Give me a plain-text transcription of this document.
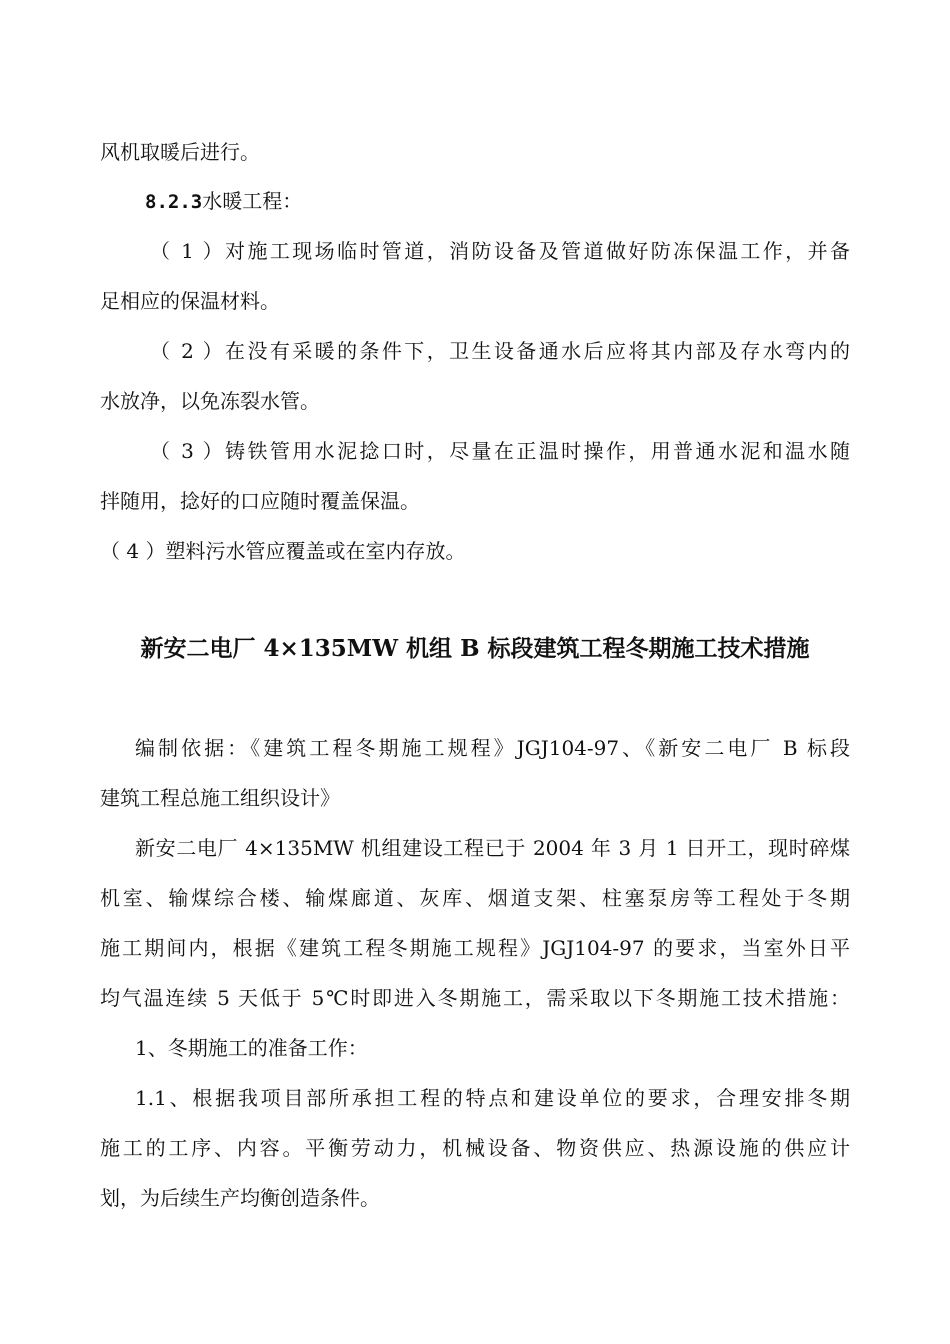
风机取暖后进行。
8.2.3水暖工程：
（ 1 ）对施工现场临时管道，消防设备及管道做好防冻保温工作，并备
足相应的保温材料。
（ 2 ）在没有采暖的条件下，卫生设备通水后应将其内部及存水弯内的
水放净，以免冻裂水管。
（ 3 ）铸铁管用水泥捻口时，尽量在正温时操作，用普通水泥和温水随
拌随用，捻好的口应随时覆盖保温。
（ 4 ）塑料污水管应覆盖或在室内存放。
新安二电厂 4×135MW 机组 B 标段建筑工程冬期施工技术措施
编制依据：《建筑工程冬期施工规程》JGJ104-97、《新安二电厂 B 标段
建筑工程总施工组织设计》
新安二电厂 4×135MW 机组建设工程已于 2004 年 3 月 1 日开工，现时碎煤
机室、输煤综合楼、输煤廊道、灰库、烟道支架、柱塞泵房等工程处于冬期
施工期间内，根据《建筑工程冬期施工规程》JGJ104-97 的要求，当室外日平
均气温连续 5 天低于 5℃时即进入冬期施工，需采取以下冬期施工技术措施：
1、冬期施工的准备工作：
1.1、根据我项目部所承担工程的特点和建设单位的要求，合理安排冬期
施工的工序、内容。平衡劳动力，机械设备、物资供应、热源设施的供应计
划，为后续生产均衡创造条件。
